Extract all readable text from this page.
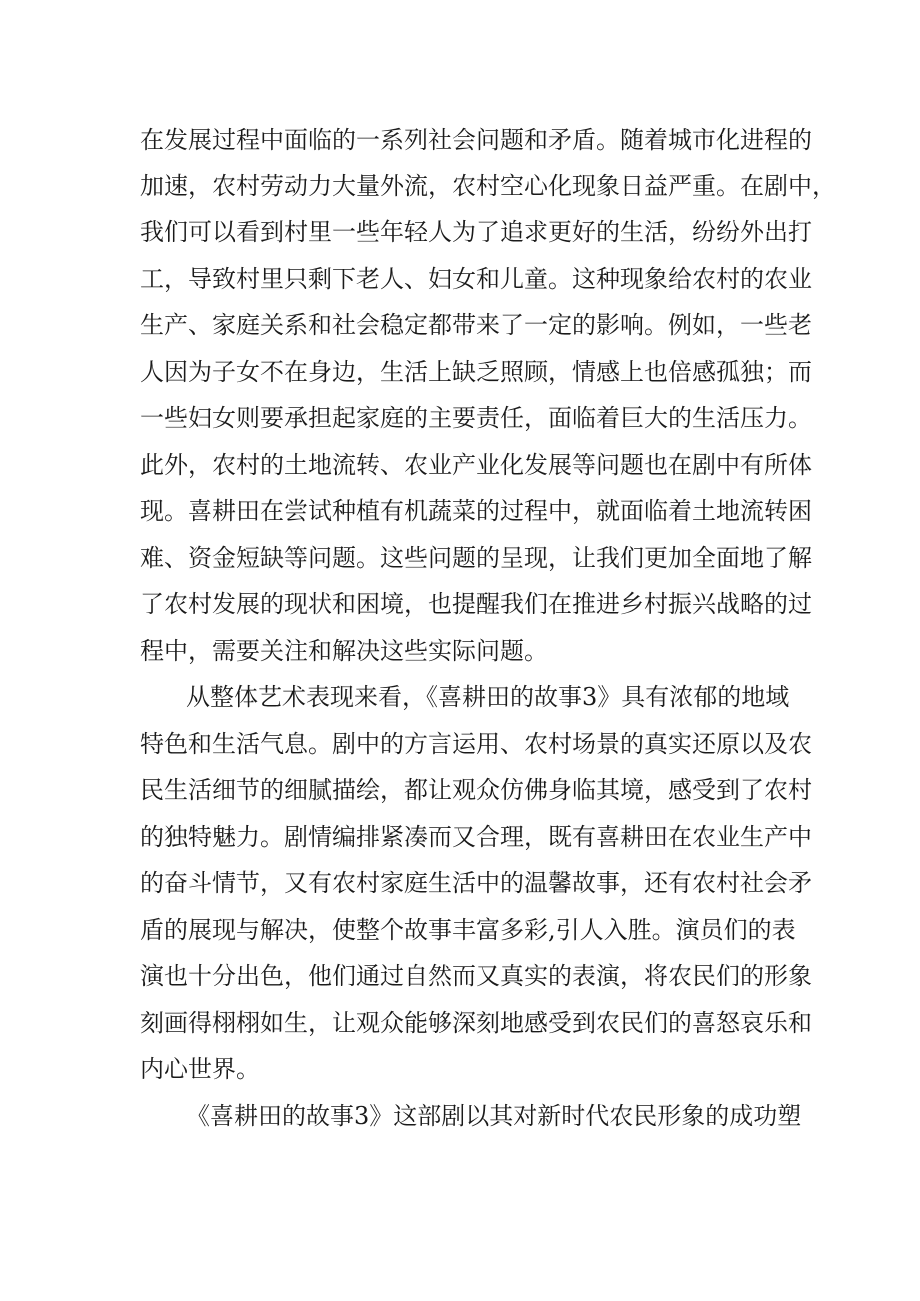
在发展过程中面临的一系列社会问题和矛盾。随着城市化进程的
加速，农村劳动力大量外流，农村空心化现象日益严重。在剧中，
我们可以看到村里一些年轻人为了追求更好的生活，纷纷外出打
工，导致村里只剩下老人、妇女和儿童。这种现象给农村的农业
生产、家庭关系和社会稳定都带来了一定的影响。例如，一些老
人因为子女不在身边，生活上缺乏照顾，情感上也倍感孤独；而
一些妇女则要承担起家庭的主要责任，面临着巨大的生活压力。
此外，农村的土地流转、农业产业化发展等问题也在剧中有所体
现。喜耕田在尝试种植有机蔬菜的过程中，就面临着土地流转困
难、资金短缺等问题。这些问题的呈现，让我们更加全面地了解
了农村发展的现状和困境，也提醒我们在推进乡村振兴战略的过
程中，需要关注和解决这些实际问题。
从整体艺术表现来看，《喜耕田的故事3》具有浓郁的地域
特色和生活气息。剧中的方言运用、农村场景的真实还原以及农
民生活细节的细腻描绘，都让观众仿佛身临其境，感受到了农村
的独特魅力。剧情编排紧凑而又合理，既有喜耕田在农业生产中
的奋斗情节，又有农村家庭生活中的温馨故事，还有农村社会矛
盾的展现与解决，使整个故事丰富多彩,引人入胜。演员们的表
演也十分出色，他们通过自然而又真实的表演，将农民们的形象
刻画得栩栩如生，让观众能够深刻地感受到农民们的喜怒哀乐和
内心世界。
《喜耕田的故事3》这部剧以其对新时代农民形象的成功塑
